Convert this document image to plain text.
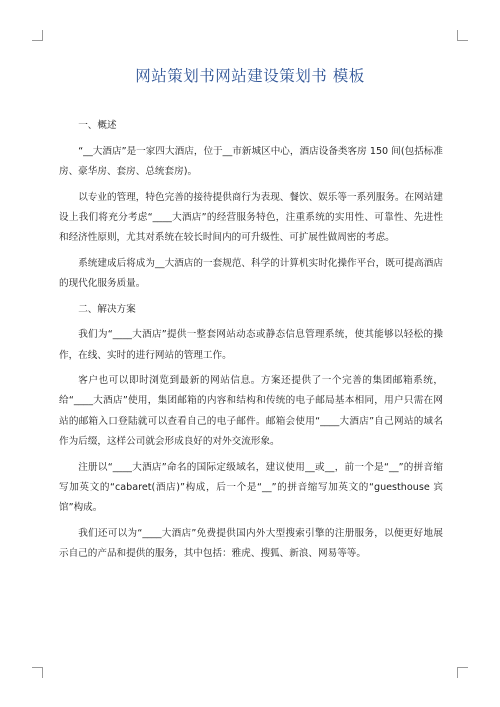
网站策划书网站建设策划书 模板

一、概述

“__大酒店”是一家四大酒店，位于__市新城区中心，酒店设备类客房 150 间(包括标准房、豪华房、套房、总统套房)。

以专业的管理，特色完善的接待提供商行为表现、餐饮、娱乐等一系列服务。在网站建设上我们将充分考虑“____大酒店”的经营服务特色，注重系统的实用性、可靠性、先进性和经济性原则，尤其对系统在较长时间内的可升级性、可扩展性做周密的考虑。

系统建成后将成为__大酒店的一套规范、科学的计算机实时化操作平台，既可提高酒店的现代化服务质量。

二、解决方案

我们为“____大酒店”提供一整套网站动态或静态信息管理系统，使其能够以轻松的操作，在线、实时的进行网站的管理工作。

客户也可以即时浏览到最新的网站信息。方案还提供了一个完善的集团邮箱系统，给“____大酒店”使用，集团邮箱的内容和结构和传统的电子邮局基本相同，用户只需在网站的邮箱入口登陆就可以查看自己的电子邮件。邮箱会使用“____大酒店”自己网站的域名作为后缀，这样公司就会形成良好的对外交流形象。

注册以“____大酒店”命名的国际定级域名，建议使用__或__，前一个是“__”的拼音缩写加英文的“cabaret(酒店)”构成，后一个是“__”的拼音缩写加英文的“guesthouse 宾馆”构成。

我们还可以为“____大酒店”免费提供国内外大型搜索引擎的注册服务，以便更好地展示自己的产品和提供的服务，其中包括：雅虎、搜狐、新浪、网易等等。
